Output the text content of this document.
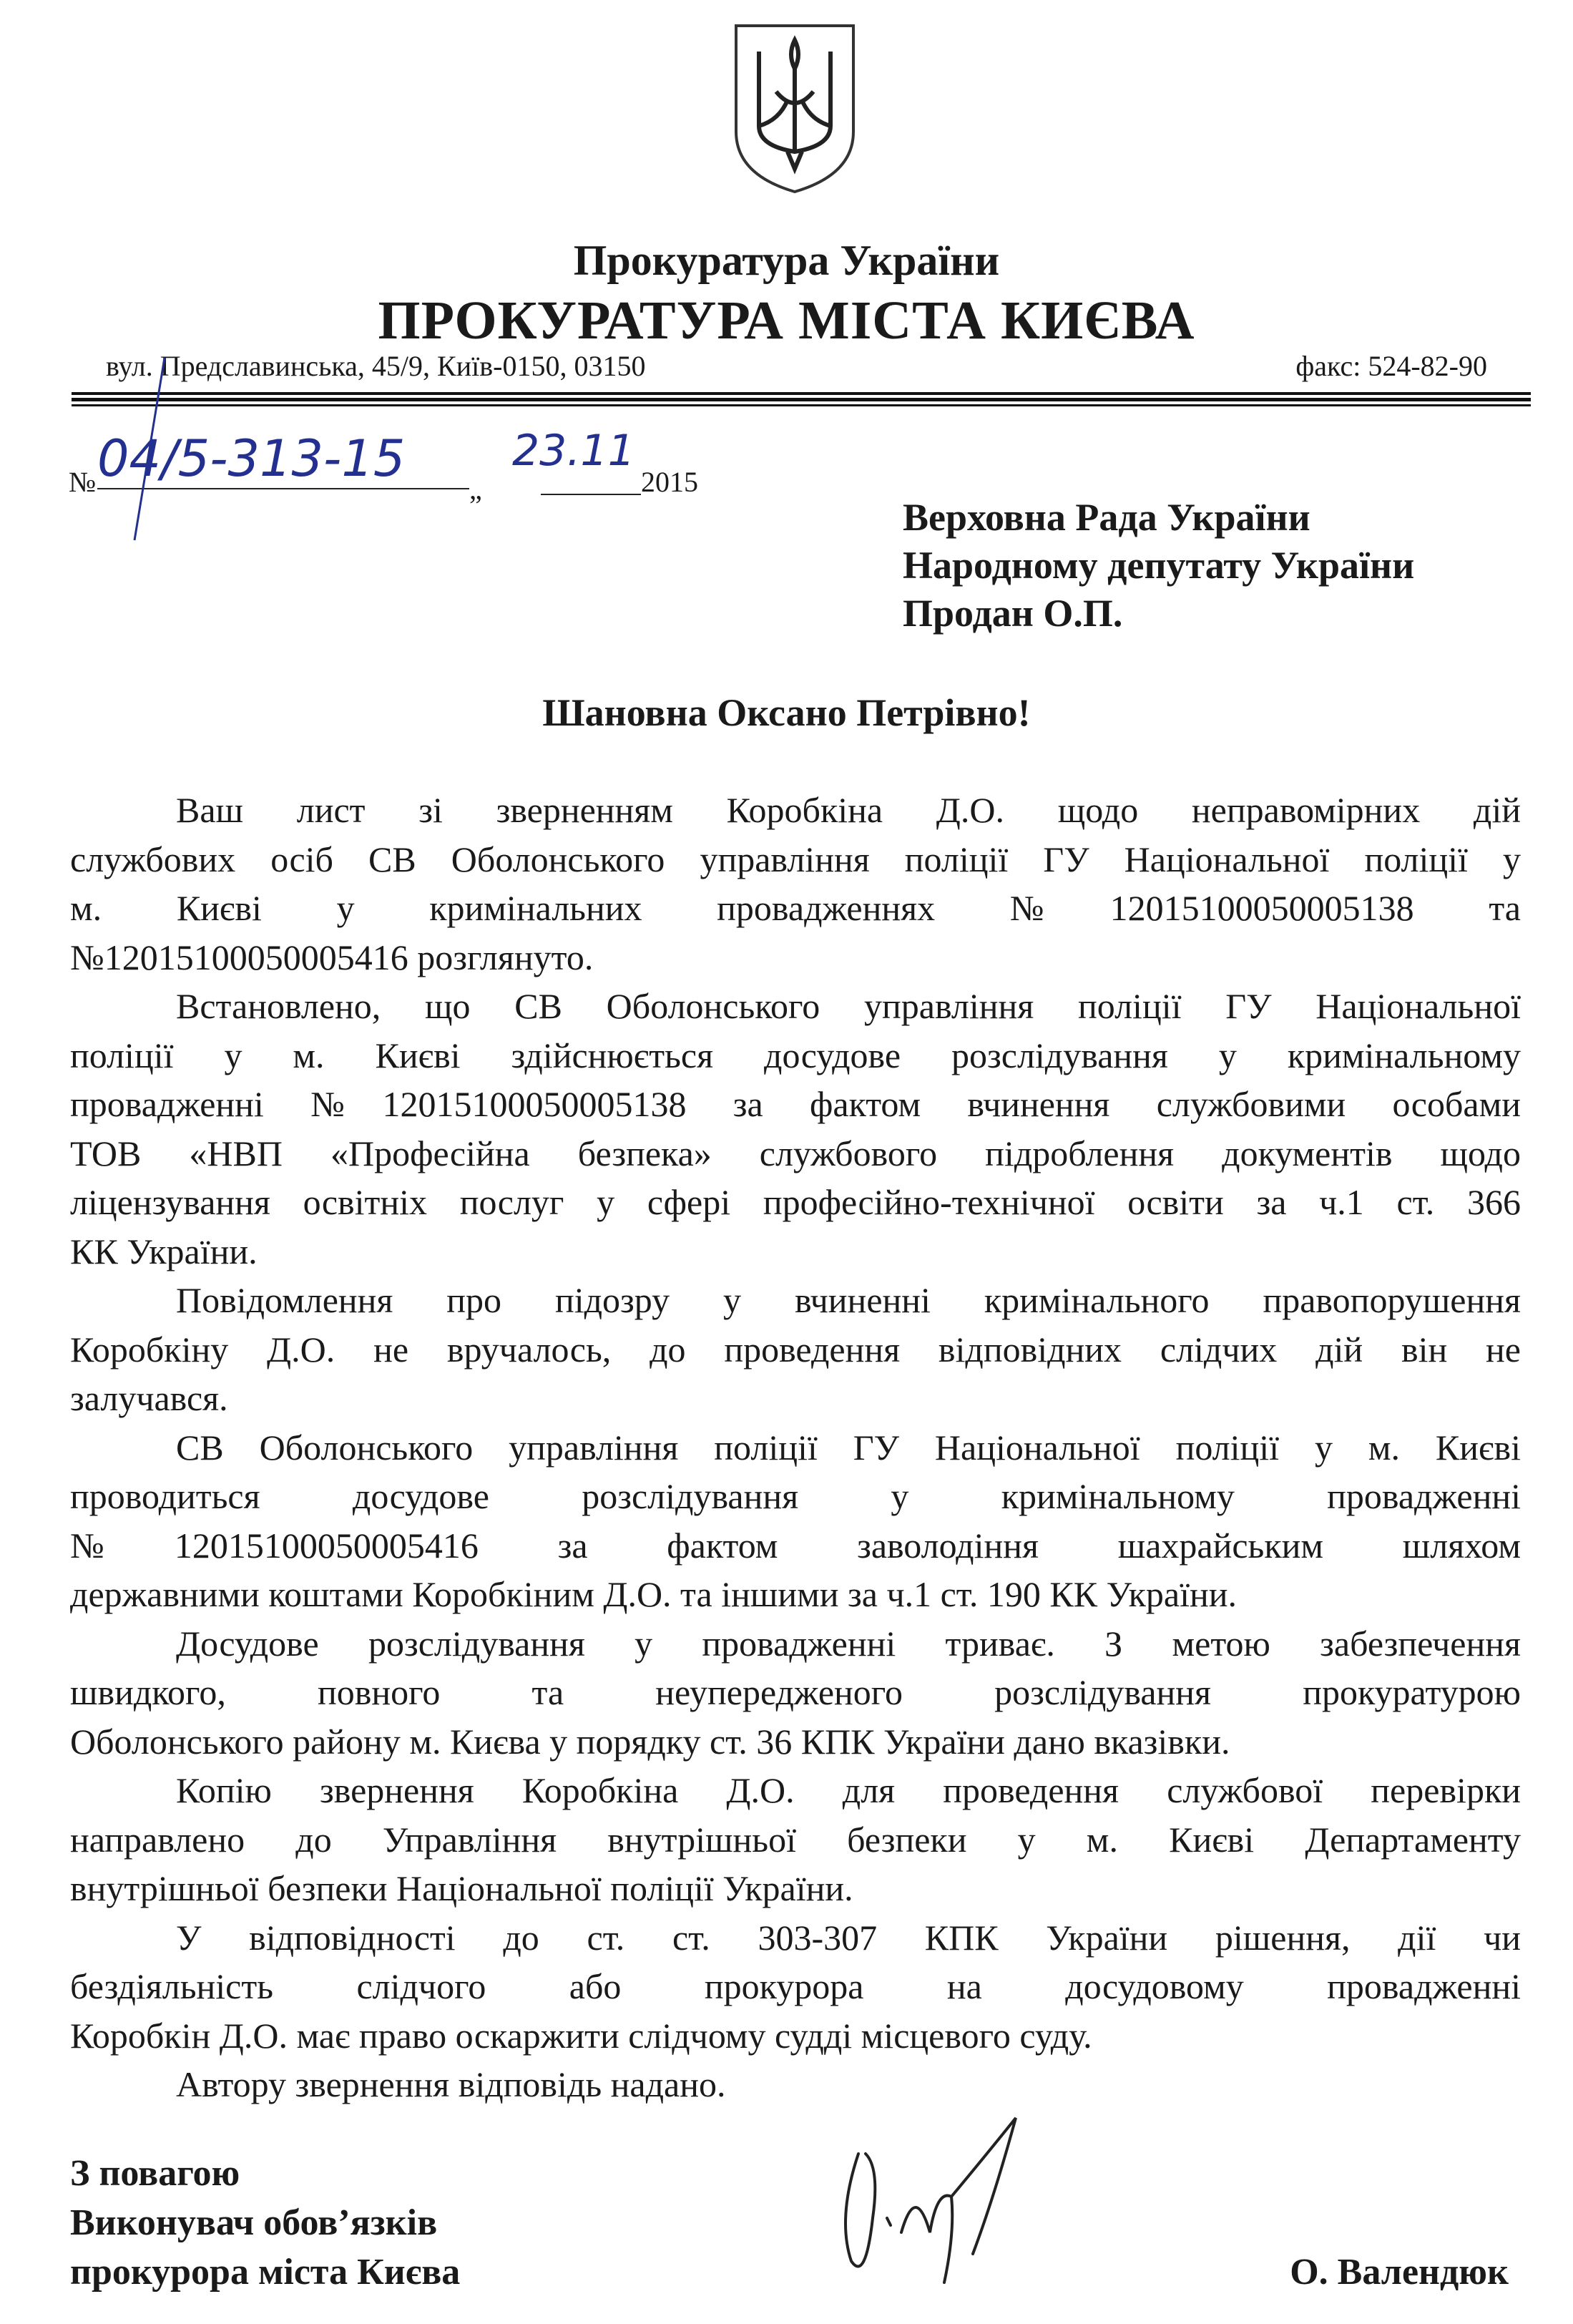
Прокуратура України
ПРОКУРАТУРА МІСТА КИЄВА
вул. Предславинська, 45/9, Київ-0150, 03150	факс: 524-82-90
№ 04/5-313-15
„
23.11
2015
Верховна Рада України
Народному депутату України
Продан О.П.
Шановна Оксано Петрівно!
Ваш лист зі зверненням Коробкіна Д.О. щодо неправомірних дій
службових осіб СВ Оболонського управління поліції ГУ Національної поліції у
м. Києві у кримінальних провадженнях №12015100050005138 та
№12015100050005416 розглянуто.
Встановлено, що СВ Оболонського управління поліції ГУ Національної
поліції у м. Києві здійснюється досудове розслідування у кримінальному
провадженні №12015100050005138 за фактом вчинення службовими особами
ТОВ «НВП «Професійна безпека» службового підроблення документів щодо
ліцензування освітніх послуг у сфері професійно-технічної освіти за ч.1 ст. 366
КК України.
Повідомлення про підозру у вчиненні кримінального правопорушення
Коробкіну Д.О. не вручалось, до проведення відповідних слідчих дій він не
залучався.
СВ Оболонського управління поліції ГУ Національної поліції у м. Києві
проводиться досудове розслідування у кримінальному провадженні
№12015100050005416 за фактом заволодіння шахрайським шляхом
державними коштами Коробкіним Д.О. та іншими за ч.1 ст. 190 КК України.
Досудове розслідування у провадженні триває. З метою забезпечення
швидкого, повного та неупередженого розслідування прокуратурою
Оболонського району м. Києва у порядку ст. 36 КПК України дано вказівки.
Копію звернення Коробкіна Д.О. для проведення службової перевірки
направлено до Управління внутрішньої безпеки у м. Києві Департаменту
внутрішньої безпеки Національної поліції України.
У відповідності до ст. ст. 303-307 КПК України рішення, дії чи
бездіяльність слідчого або прокурора на досудовому провадженні
Коробкін Д.О. має право оскаржити слідчому судді місцевого суду.
Автору звернення відповідь надано.
З повагою
Виконувач обов’язків
прокурора міста Києва	О. Валендюк
